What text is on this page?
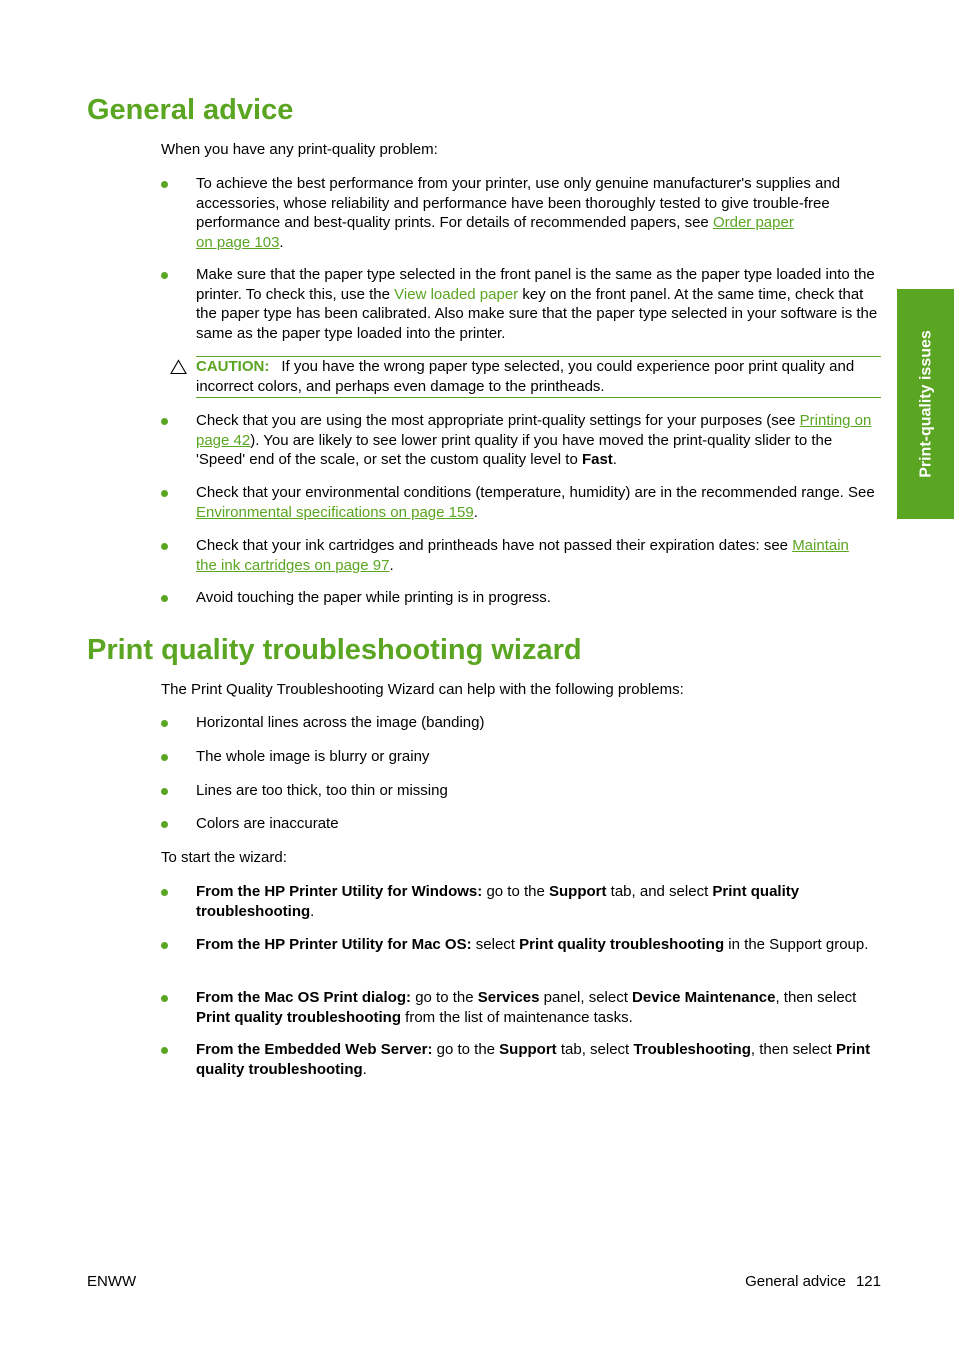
General advice

When you have any print-quality problem:

To achieve the best performance from your printer, use only genuine manufacturer's supplies and accessories, whose reliability and performance have been thoroughly tested to give trouble-free performance and best-quality prints. For details of recommended papers, see Order paper
on page 103.
Make sure that the paper type selected in the front panel is the same as the paper type loaded into the printer. To check this, use the View loaded paper key on the front panel. At the same time, check that the paper type has been calibrated. Also make sure that the paper type selected in your software is the same as the paper type loaded into the printer.
CAUTION: If you have the wrong paper type selected, you could experience poor print quality and incorrect colors, and perhaps even damage to the printheads.
Check that you are using the most appropriate print-quality settings for your purposes (see Printing on page 42). You are likely to see lower print quality if you have moved the print-quality slider to the 'Speed' end of the scale, or set the custom quality level to Fast.
Check that your environmental conditions (temperature, humidity) are in the recommended range. See Environmental specifications on page 159.
Check that your ink cartridges and printheads have not passed their expiration dates: see Maintain
the ink cartridges on page 97.
Avoid touching the paper while printing is in progress.
Print quality troubleshooting wizard

The Print Quality Troubleshooting Wizard can help with the following problems:

Horizontal lines across the image (banding)
The whole image is blurry or grainy
Lines are too thick, too thin or missing
Colors are inaccurate

To start the wizard:

From the HP Printer Utility for Windows: go to the Support tab, and select Print quality troubleshooting.
From the HP Printer Utility for Mac OS: select Print quality troubleshooting in the Support group.
From the Mac OS Print dialog: go to the Services panel, select Device Maintenance, then select Print quality troubleshooting from the list of maintenance tasks.
From the Embedded Web Server: go to the Support tab, select Troubleshooting, then select Print quality troubleshooting.
Print-quality issues
ENWW	General advice 121
